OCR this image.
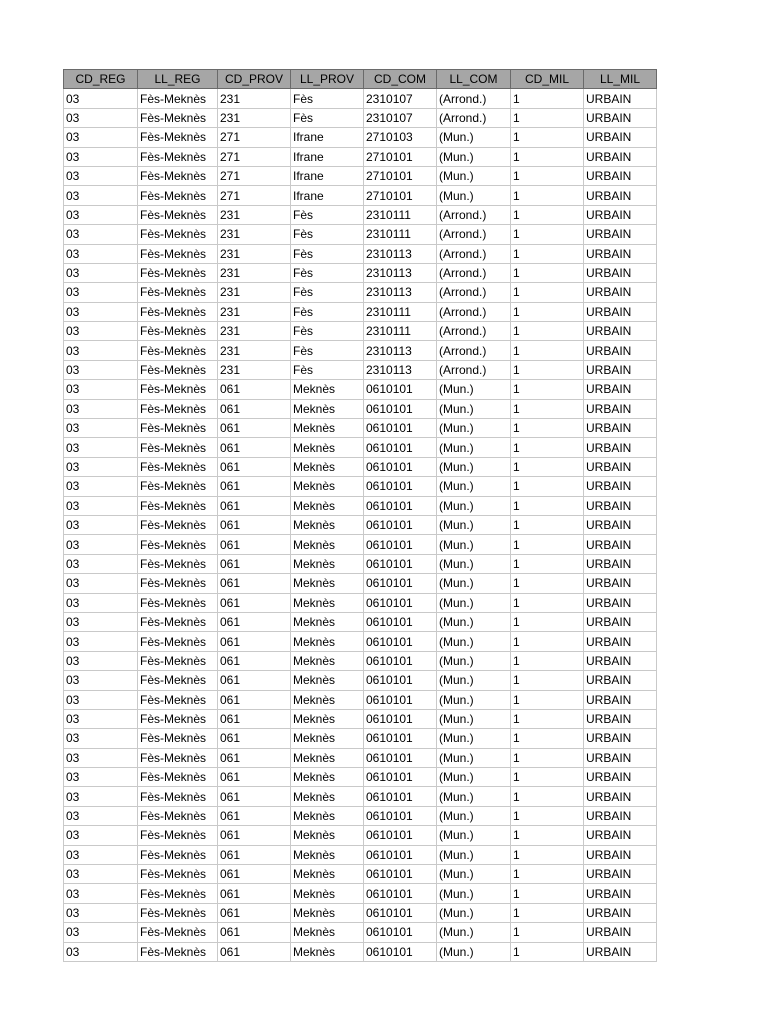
CD_REG	LL_REG	CD_PROV	LL_PROV	CD_COM	LL_COM	CD_MIL	LL_MIL
03	Fès-Meknès	231	Fès	2310107	(Arrond.)	1	URBAIN
03	Fès-Meknès	231	Fès	2310107	(Arrond.)	1	URBAIN
03	Fès-Meknès	271	Ifrane	2710103	(Mun.)	1	URBAIN
03	Fès-Meknès	271	Ifrane	2710101	(Mun.)	1	URBAIN
03	Fès-Meknès	271	Ifrane	2710101	(Mun.)	1	URBAIN
03	Fès-Meknès	271	Ifrane	2710101	(Mun.)	1	URBAIN
03	Fès-Meknès	231	Fès	2310111	(Arrond.)	1	URBAIN
03	Fès-Meknès	231	Fès	2310111	(Arrond.)	1	URBAIN
03	Fès-Meknès	231	Fès	2310113	(Arrond.)	1	URBAIN
03	Fès-Meknès	231	Fès	2310113	(Arrond.)	1	URBAIN
03	Fès-Meknès	231	Fès	2310113	(Arrond.)	1	URBAIN
03	Fès-Meknès	231	Fès	2310111	(Arrond.)	1	URBAIN
03	Fès-Meknès	231	Fès	2310111	(Arrond.)	1	URBAIN
03	Fès-Meknès	231	Fès	2310113	(Arrond.)	1	URBAIN
03	Fès-Meknès	231	Fès	2310113	(Arrond.)	1	URBAIN
03	Fès-Meknès	061	Meknès	0610101	(Mun.)	1	URBAIN
03	Fès-Meknès	061	Meknès	0610101	(Mun.)	1	URBAIN
03	Fès-Meknès	061	Meknès	0610101	(Mun.)	1	URBAIN
03	Fès-Meknès	061	Meknès	0610101	(Mun.)	1	URBAIN
03	Fès-Meknès	061	Meknès	0610101	(Mun.)	1	URBAIN
03	Fès-Meknès	061	Meknès	0610101	(Mun.)	1	URBAIN
03	Fès-Meknès	061	Meknès	0610101	(Mun.)	1	URBAIN
03	Fès-Meknès	061	Meknès	0610101	(Mun.)	1	URBAIN
03	Fès-Meknès	061	Meknès	0610101	(Mun.)	1	URBAIN
03	Fès-Meknès	061	Meknès	0610101	(Mun.)	1	URBAIN
03	Fès-Meknès	061	Meknès	0610101	(Mun.)	1	URBAIN
03	Fès-Meknès	061	Meknès	0610101	(Mun.)	1	URBAIN
03	Fès-Meknès	061	Meknès	0610101	(Mun.)	1	URBAIN
03	Fès-Meknès	061	Meknès	0610101	(Mun.)	1	URBAIN
03	Fès-Meknès	061	Meknès	0610101	(Mun.)	1	URBAIN
03	Fès-Meknès	061	Meknès	0610101	(Mun.)	1	URBAIN
03	Fès-Meknès	061	Meknès	0610101	(Mun.)	1	URBAIN
03	Fès-Meknès	061	Meknès	0610101	(Mun.)	1	URBAIN
03	Fès-Meknès	061	Meknès	0610101	(Mun.)	1	URBAIN
03	Fès-Meknès	061	Meknès	0610101	(Mun.)	1	URBAIN
03	Fès-Meknès	061	Meknès	0610101	(Mun.)	1	URBAIN
03	Fès-Meknès	061	Meknès	0610101	(Mun.)	1	URBAIN
03	Fès-Meknès	061	Meknès	0610101	(Mun.)	1	URBAIN
03	Fès-Meknès	061	Meknès	0610101	(Mun.)	1	URBAIN
03	Fès-Meknès	061	Meknès	0610101	(Mun.)	1	URBAIN
03	Fès-Meknès	061	Meknès	0610101	(Mun.)	1	URBAIN
03	Fès-Meknès	061	Meknès	0610101	(Mun.)	1	URBAIN
03	Fès-Meknès	061	Meknès	0610101	(Mun.)	1	URBAIN
03	Fès-Meknès	061	Meknès	0610101	(Mun.)	1	URBAIN
03	Fès-Meknès	061	Meknès	0610101	(Mun.)	1	URBAIN
